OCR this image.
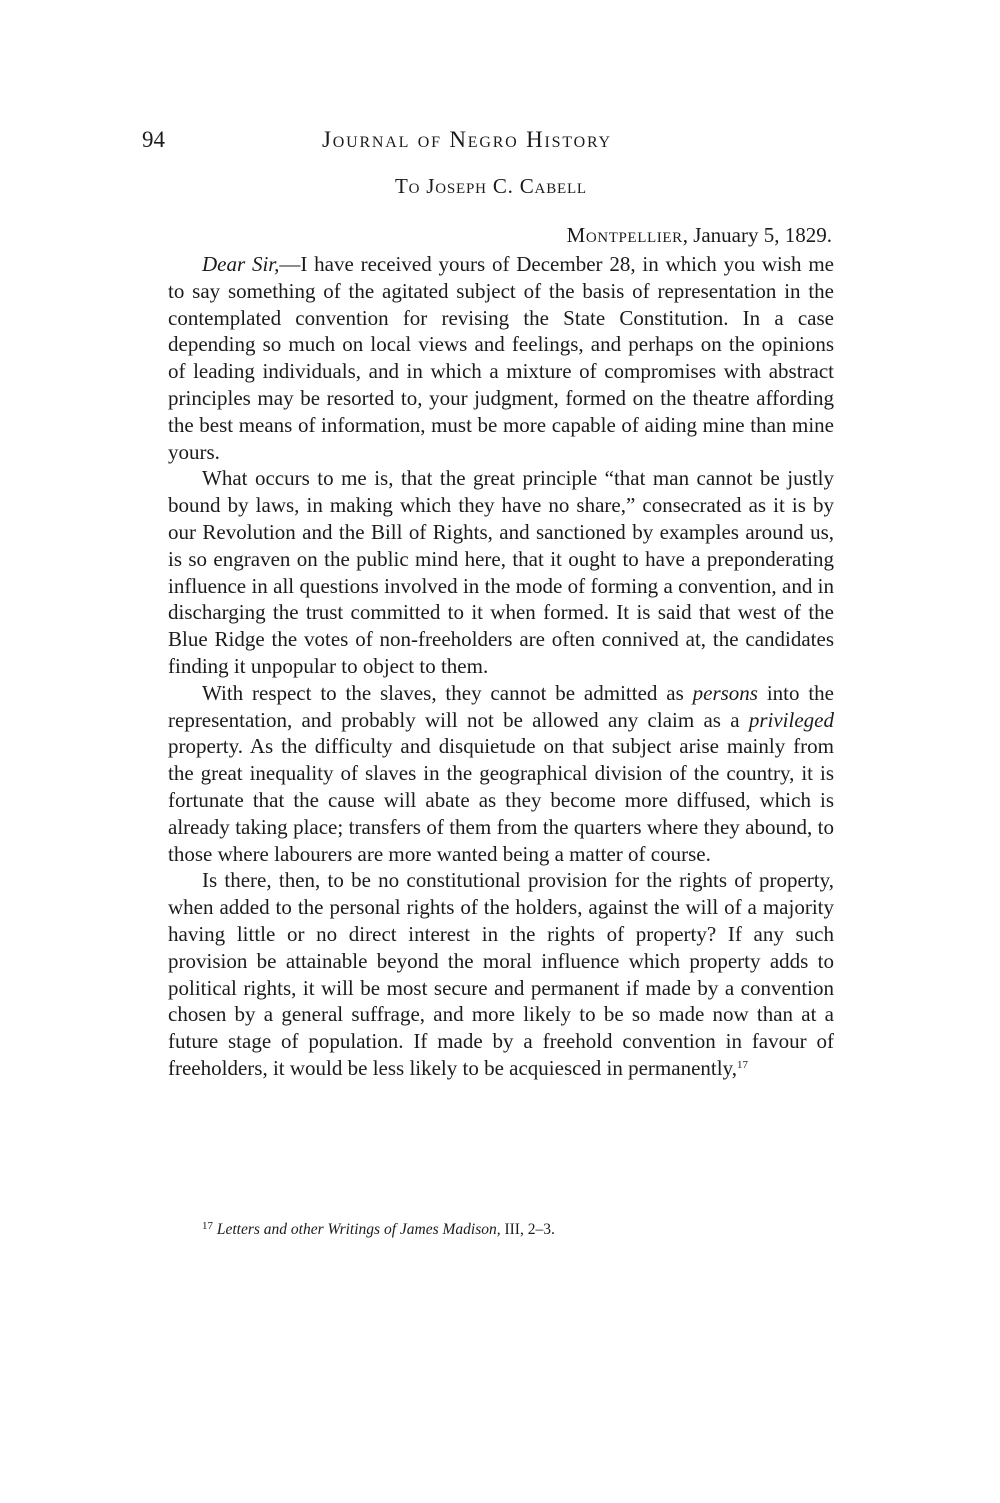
94	Journal of Negro History
To Joseph C. Cabell
Montpellier, January 5, 1829.

Dear Sir,—I have received yours of December 28, in which you wish me to say something of the agitated subject of the basis of representation in the contemplated convention for revising the State Constitution. In a case depending so much on local views and feelings, and perhaps on the opinions of leading individuals, and in which a mixture of compromises with abstract principles may be resorted to, your judgment, formed on the theatre affording the best means of information, must be more capable of aiding mine than mine yours.

What occurs to me is, that the great principle “that man cannot be justly bound by laws, in making which they have no share,” consecrated as it is by our Revolution and the Bill of Rights, and sanctioned by examples around us, is so engraven on the public mind here, that it ought to have a preponderating influence in all questions involved in the mode of forming a convention, and in discharging the trust committed to it when formed. It is said that west of the Blue Ridge the votes of non-freeholders are often connived at, the candidates finding it unpopular to object to them.

With respect to the slaves, they cannot be admitted as persons into the representation, and probably will not be allowed any claim as a privileged property. As the difficulty and disquietude on that subject arise mainly from the great inequality of slaves in the geographical division of the country, it is fortunate that the cause will abate as they become more diffused, which is already taking place; transfers of them from the quarters where they abound, to those where labourers are more wanted being a matter of course.

Is there, then, to be no constitutional provision for the rights of property, when added to the personal rights of the holders, against the will of a majority having little or no direct interest in the rights of property? If any such provision be attainable beyond the moral influence which property adds to political rights, it will be most secure and permanent if made by a convention chosen by a general suffrage, and more likely to be so made now than at a future stage of population. If made by a freehold convention in favour of freeholders, it would be less likely to be acquiesced in permanently,$^{17}$

$^{17}$ Letters and other Writings of James Madison, III, 2–3.
